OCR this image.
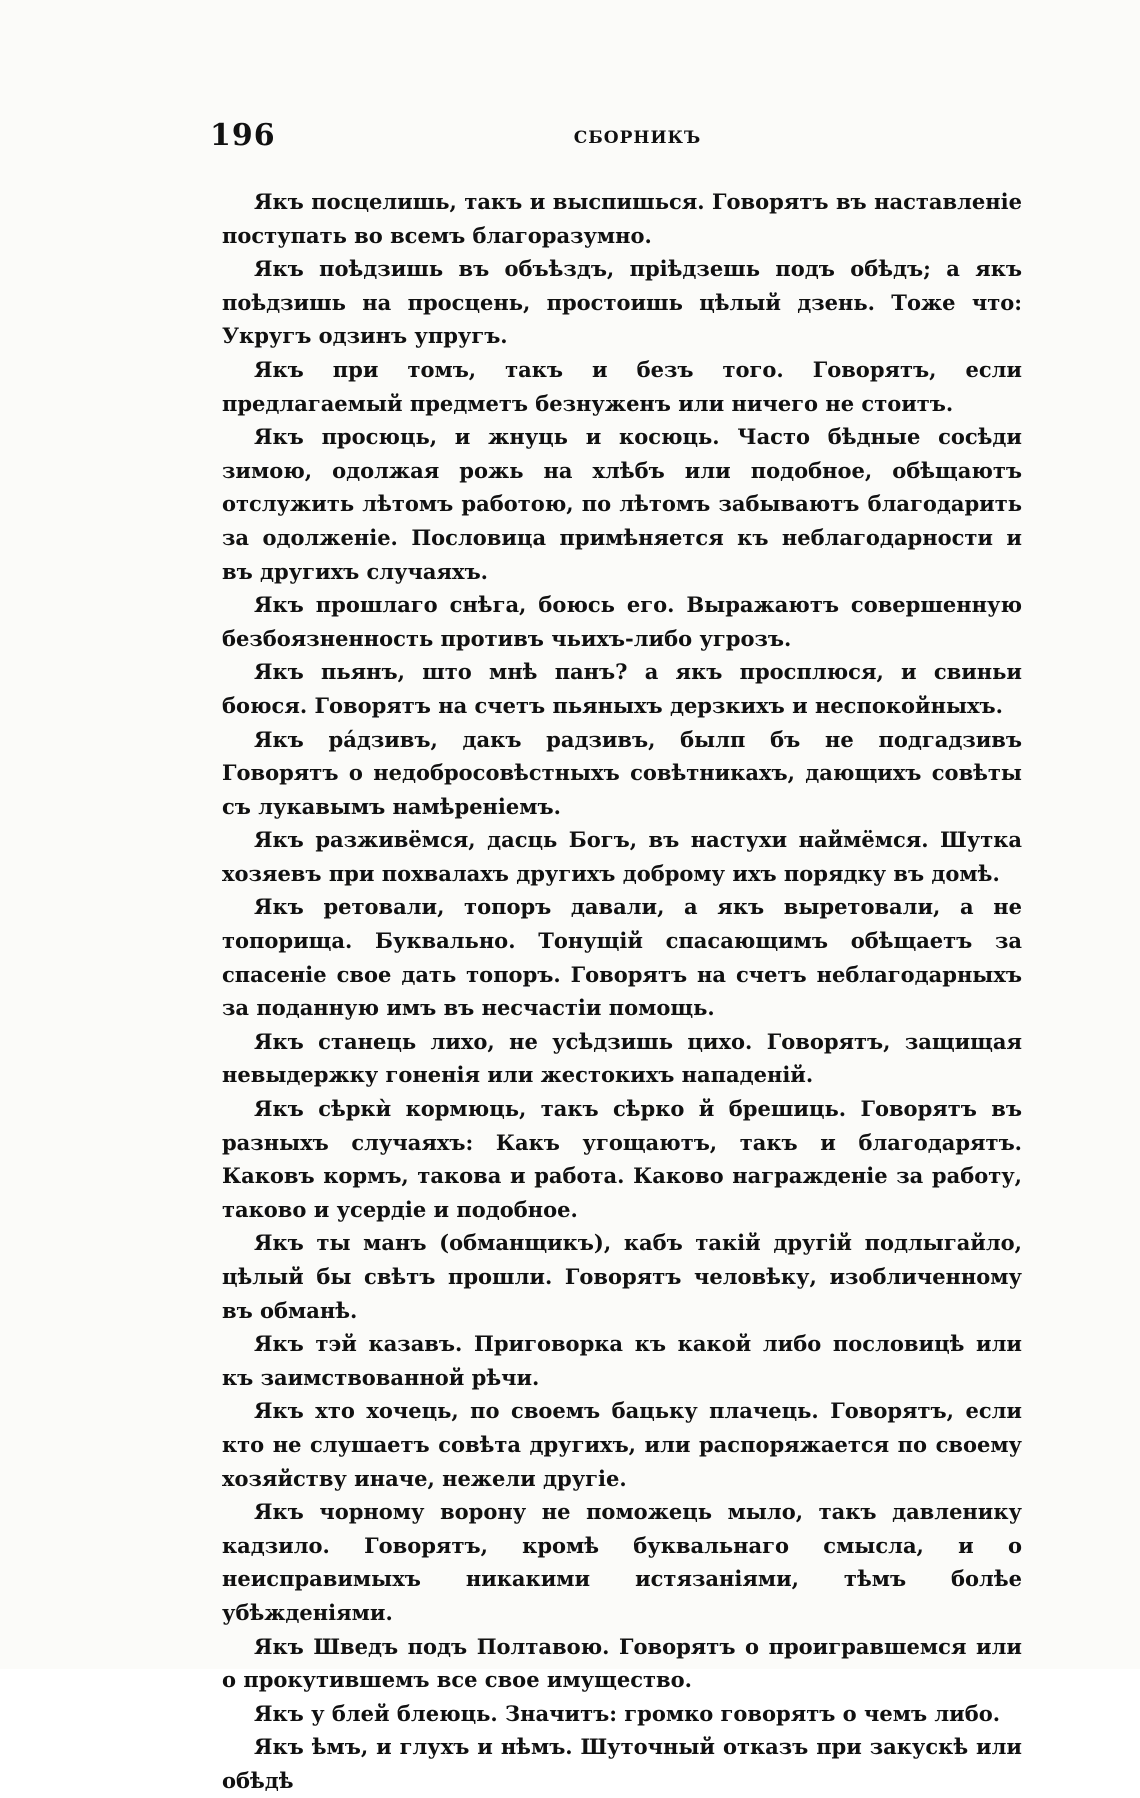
196	СБОРНИКЪ

Якъ посцелишь, такъ и выспишься. Говорятъ въ наставленіе поступать во всемъ благоразумно.

Якъ поѣдзишь въ объѣздъ, пріѣдзешь подъ обѣдъ; а якъ поѣдзишь на просцень, простоишь цѣлый дзень. Тоже что: Укругъ одзинъ упругъ.

Якъ при томъ, такъ и безъ того. Говорятъ, если предлагаемый предметъ безнуженъ или ничего не стоитъ.

Якъ просюць, и жнуць и косюць. Часто бѣдные сосѣди зимою, одолжая рожь на хлѣбъ или подобное, обѣщаютъ отслужить лѣтомъ работою, по лѣтомъ забываютъ благодарить за одолженіе. Пословица примѣняется къ неблагодарности и въ другихъ случаяхъ.

Якъ прошлаго снѣга, боюсь его. Выражаютъ совершенную безбоязненность противъ чьихъ-либо угрозъ.

Якъ пьянъ, што мнѣ панъ? а якъ просплюся, и свиньи боюся. Говорятъ на счетъ пьяныхъ дерзкихъ и неспокойныхъ.

Якъ рáдзивъ, дакъ радзивъ, былп бъ не подгадзивъ Говорятъ о недобросовѣстныхъ совѣтникахъ, дающихъ совѣты съ лукавымъ намѣреніемъ.

Якъ разживёмся, дасць Богъ, въ настухи наймёмся. Шутка хозяевъ при похвалахъ другихъ доброму ихъ порядку въ домѣ.

Якъ ретовали, топоръ давали, а якъ выретовали, а не топорища. Буквально. Тонущій спасающимъ обѣщаетъ за спасеніе свое дать топоръ. Говорятъ на счетъ неблагодарныхъ за поданную имъ въ несчастіи помощь.

Якъ станець лихо, не усѣдзишь цихо. Говорятъ, защищая невыдержку гоненія или жестокихъ нападеній.

Якъ сѣркѝ кормюць, такъ сѣрко й брешиць. Говорятъ въ разныхъ случаяхъ: Какъ угощаютъ, такъ и благодарятъ. Каковъ кормъ, такова и работа. Каково награжденіе за работу, таково и усердіе и подобное.

Якъ ты манъ (обманщикъ), кабъ такій другій подлыгайло, цѣлый бы свѣтъ прошли. Говорятъ человѣку, изобличенному въ обманѣ.

Якъ тэй казавъ. Приговорка къ какой либо пословицѣ или къ заимствованной рѣчи.

Якъ хто хочець, по своемъ бацьку плачець. Говорятъ, если кто не слушаетъ совѣта другихъ, или распоряжается по своему хозяйству иначе, нежели другіе.

Якъ чорному ворону не поможець мыло, такъ давленику кадзило. Говорятъ, кромѣ буквальнаго смысла, и о неисправимыхъ никакими истязаніями, тѣмъ болѣе убѣжденіями.

Якъ Шведъ подъ Полтавою. Говорятъ о проигравшемся или о прокутившемъ все свое имущество.

Якъ у блей блеюць. Значитъ: громко говорятъ о чемъ либо.

Якъ ѣмъ, и глухъ и нѣмъ. Шуточный отказъ при закускѣ или обѣдѣ
